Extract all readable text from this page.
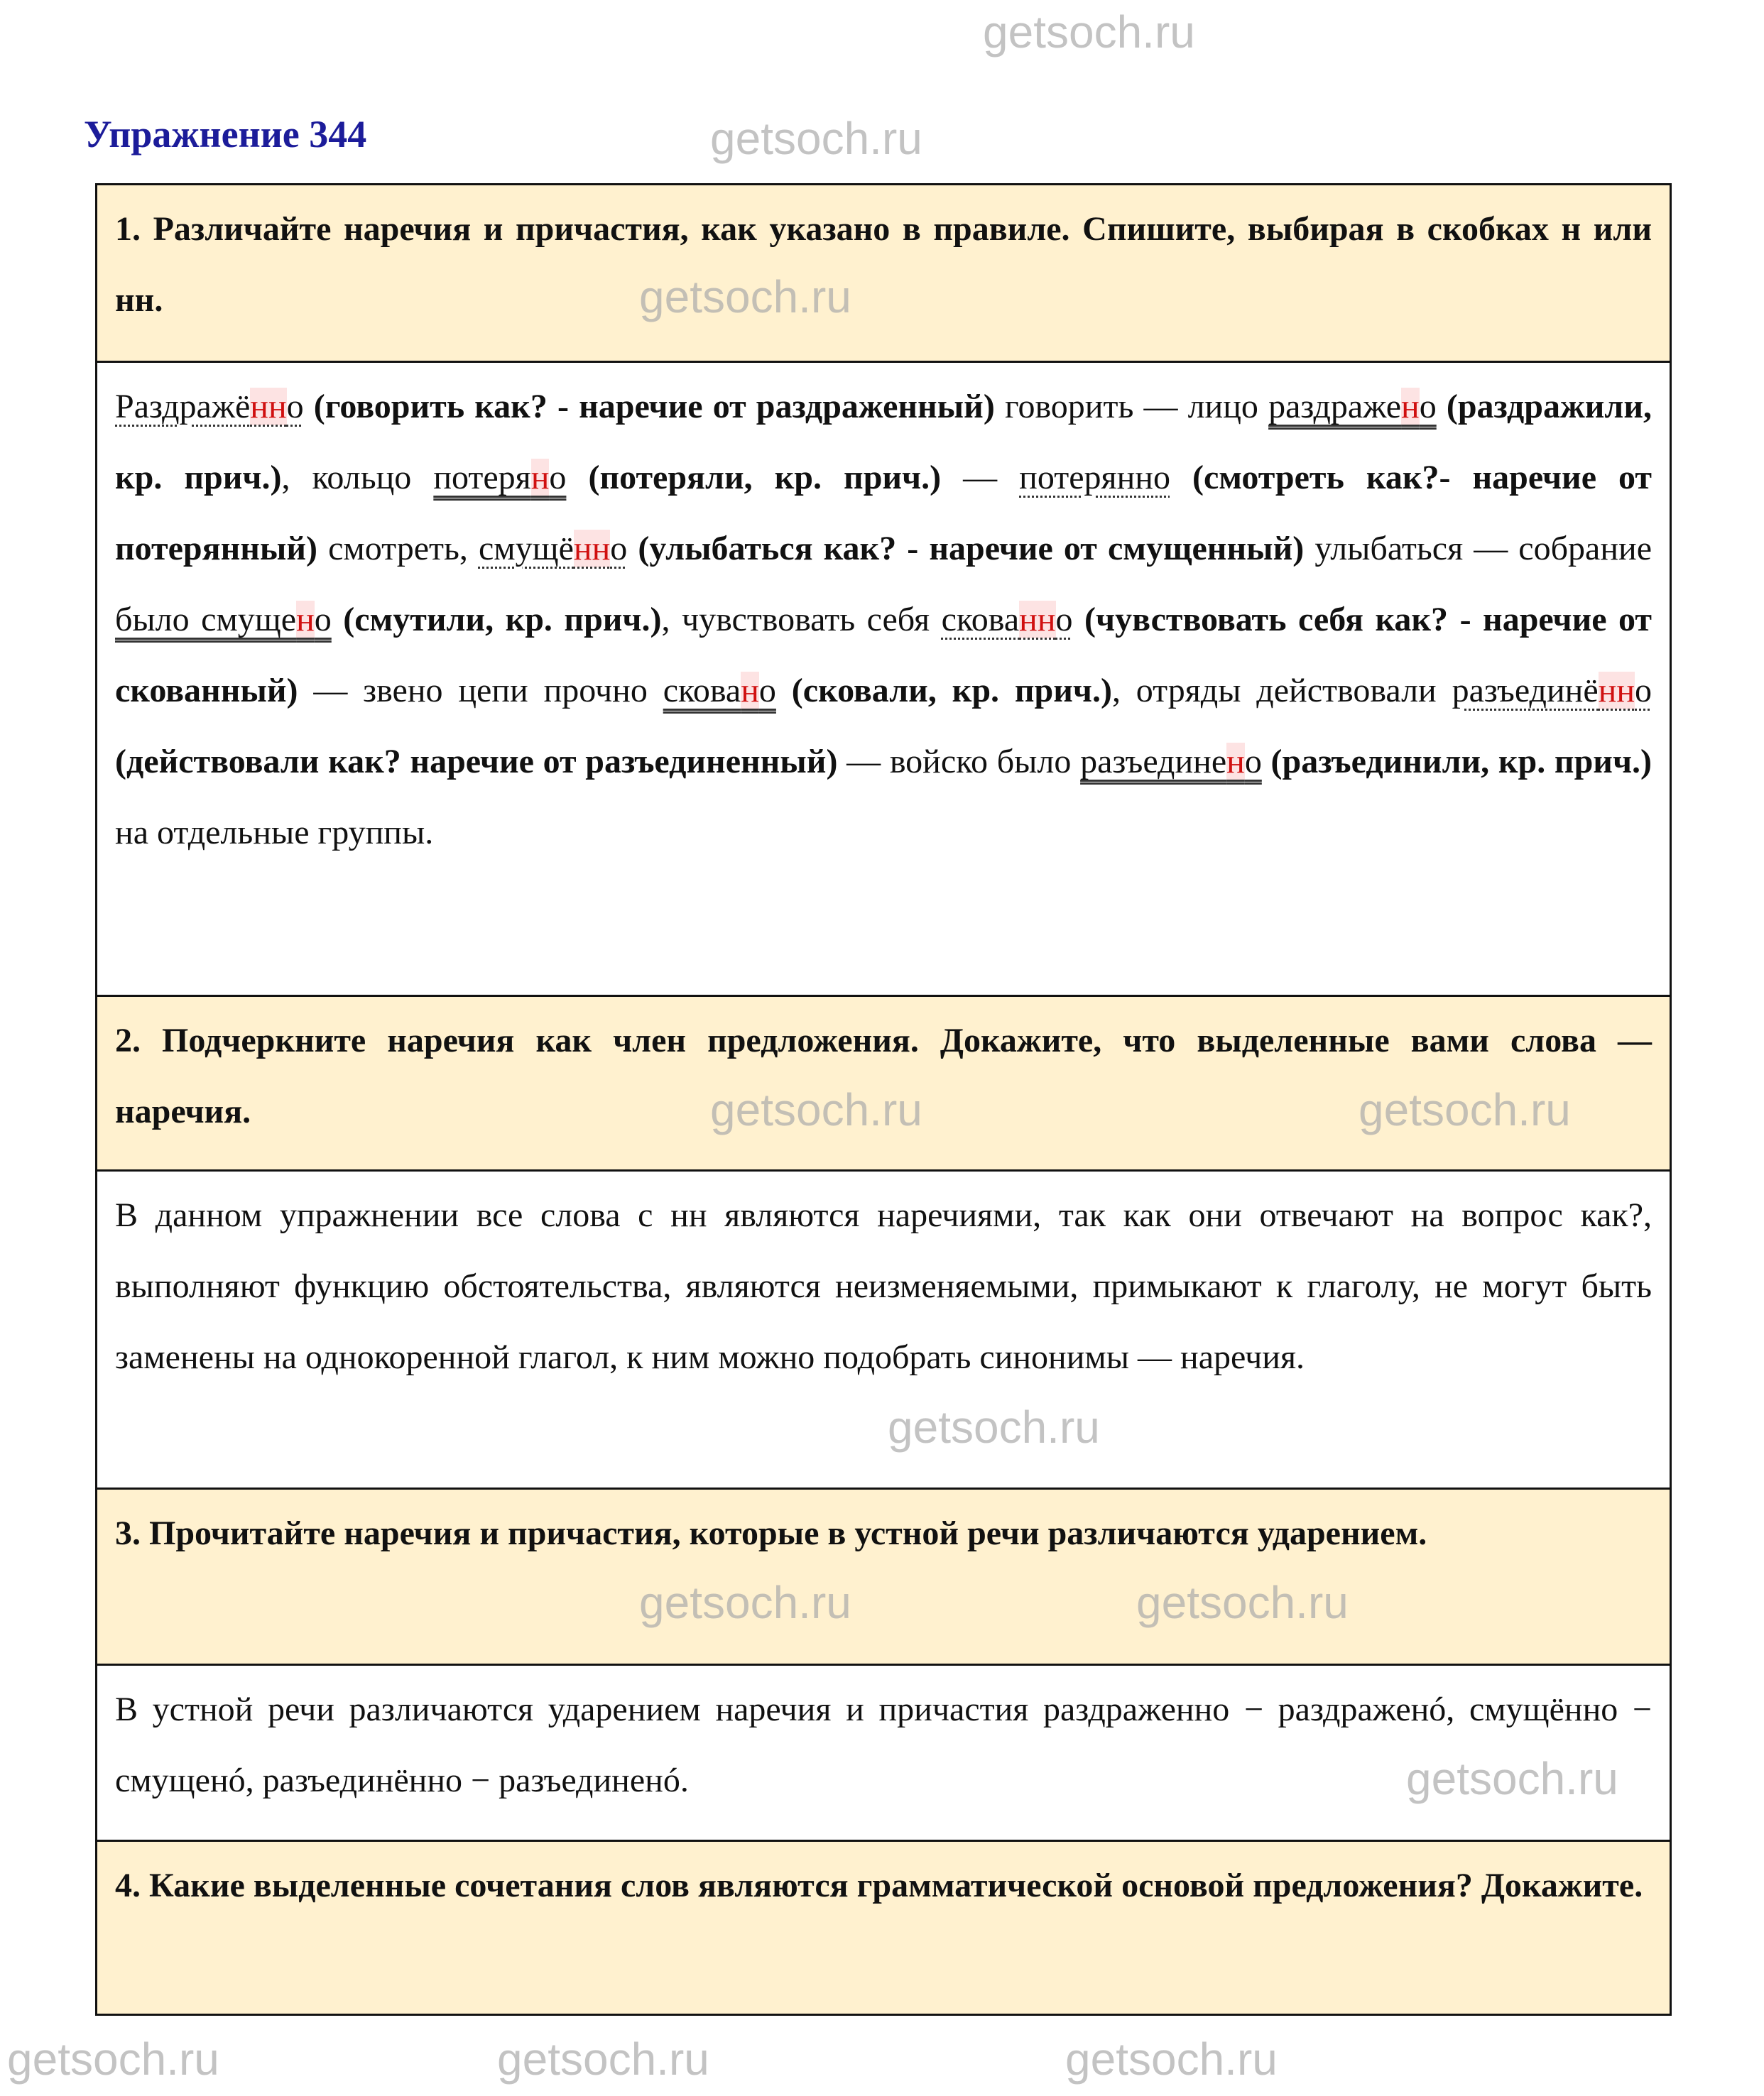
Упражнение 344
1. Различайте наречия и причастия, как указано в правиле. Спишите, выбирая в скобках н или нн.
Раздражённо (говорить как? - наречие от раздраженный) говорить — лицо раздражено (раздражили, кр. прич.), кольцо потеряно (потеряли, кр. прич.) — потерянно (смотреть как?- наречие от потерянный) смотреть, смущённо (улыбаться как? - наречие от смущенный) улыбаться — собрание было смущено (смутили, кр. прич.), чувствовать себя скованно (чувствовать себя как? - наречие от скованный) — звено цепи прочно сковано (сковали, кр. прич.), отряды действовали разъединённо (действовали как? наречие от разъединенный) — войско было разъединено (разъединили, кр. прич.) на отдельные группы.
2. Подчеркните наречия как член предложения. Докажите, что выделенные вами слова — наречия.
В данном упражнении все слова с нн являются наречиями, так как они отвечают на вопрос как?, выполняют функцию обстоятельства, являются неизменяемыми, примыкают к глаголу, не могут быть заменены на однокоренной глагол, к ним можно подобрать синонимы — наречия.
3. Прочитайте наречия и причастия, которые в устной речи различаются ударением.
В устной речи различаются ударением наречия и причастия раздраженно − раздраженó, смущённо − смущенó, разъединённо − разъединенó.
4. Какие выделенные сочетания слов являются грамматической основой предложения? Докажите.
getsoch.ru
getsoch.ru
getsoch.ru
getsoch.ru	getsoch.ru
getsoch.ru
getsoch.ru	getsoch.ru
getsoch.ru
getsoch.ru	getsoch.ru	getsoch.ru
